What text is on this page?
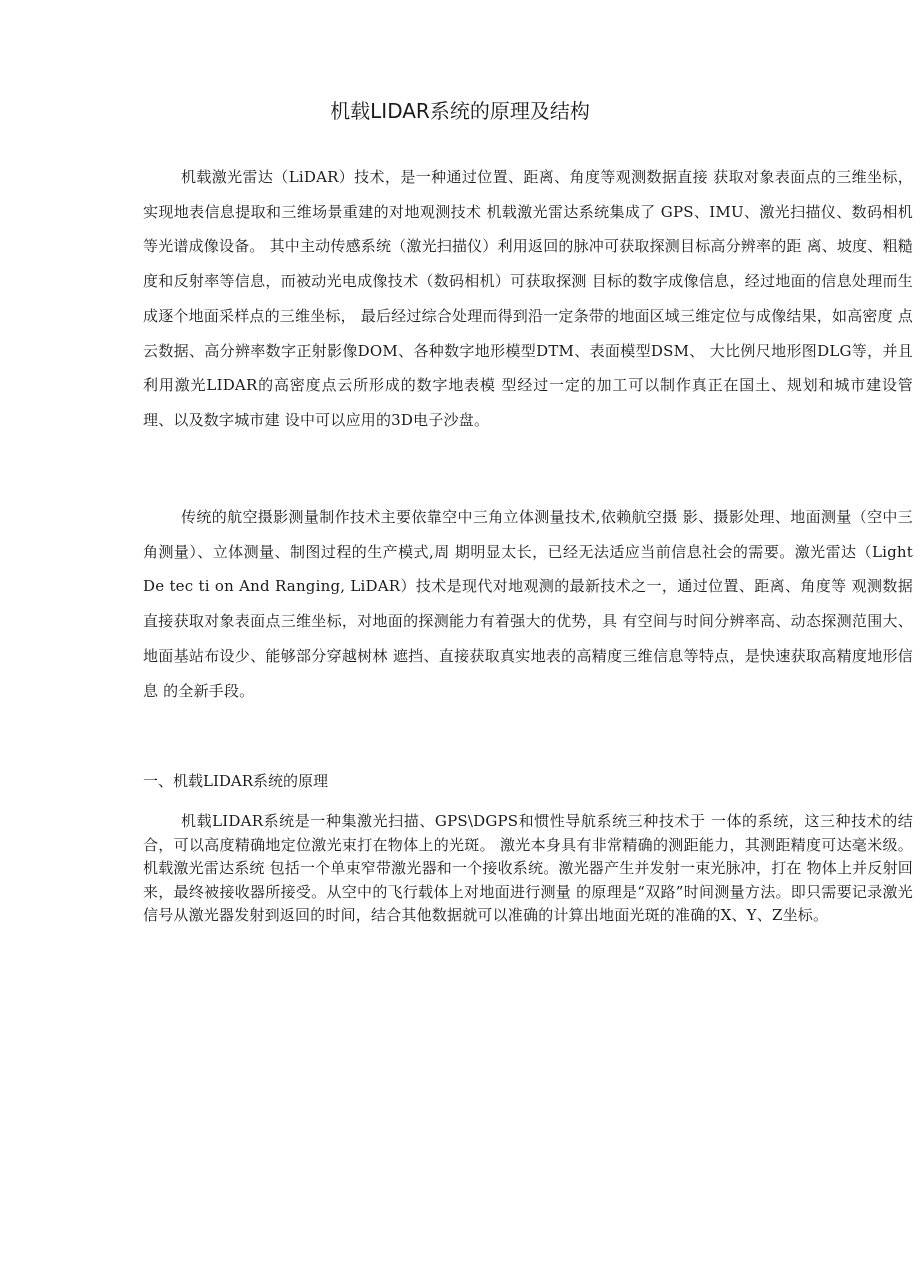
机载LIDAR系统的原理及结构

机载激光雷达（LiDAR）技术，是一种通过位置、距离、角度等观测数据直接 获取对象表面点的三维坐标，实现地表信息提取和三维场景重建的对地观测技术 机载激光雷达系统集成了 GPS、IMU、激光扫描仪、数码相机等光谱成像设备。 其中主动传感系统（激光扫描仪）利用返回的脉冲可获取探测目标高分辨率的距 离、坡度、粗糙度和反射率等信息，而被动光电成像技术（数码相机）可获取探测 目标的数字成像信息，经过地面的信息处理而生成逐个地面采样点的三维坐标， 最后经过综合处理而得到沿一定条带的地面区域三维定位与成像结果，如高密度 点云数据、高分辨率数字正射影像DOM、各种数字地形模型DTM、表面模型DSM、 大比例尺地形图DLG等，并且利用激光LIDAR的高密度点云所形成的数字地表模 型经过一定的加工可以制作真正在国土、规划和城市建设管理、以及数字城市建 设中可以应用的3D电子沙盘。

传统的航空摄影测量制作技术主要依靠空中三角立体测量技术,依赖航空摄 影、摄影处理、地面测量（空中三角测量）、立体测量、制图过程的生产模式,周 期明显太长，已经无法适应当前信息社会的需要。激光雷达（Light De tec ti on And Ranging, LiDAR）技术是现代对地观测的最新技术之一，通过位置、距离、角度等 观测数据直接获取对象表面点三维坐标，对地面的探测能力有着强大的优势，具 有空间与时间分辨率高、动态探测范围大、地面基站布设少、能够部分穿越树林 遮挡、直接获取真实地表的高精度三维信息等特点，是快速获取高精度地形信息 的全新手段。

一、机载LIDAR系统的原理

机载LIDAR系统是一种集激光扫描、GPS\DGPS和惯性导航系统三种技术于 一体的系统，这三种技术的结合，可以高度精确地定位激光束打在物体上的光斑。 激光本身具有非常精确的测距能力，其测距精度可达毫米级。机载激光雷达系统 包括一个单束窄带激光器和一个接收系统。激光器产生并发射一束光脉冲，打在 物体上并反射回来，最终被接收器所接受。从空中的飞行载体上对地面进行测量 的原理是“双路”时间测量方法。即只需要记录激光信号从激光器发射到返回的时间，结合其他数据就可以准确的计算出地面光斑的准确的X、Y、Z坐标。
